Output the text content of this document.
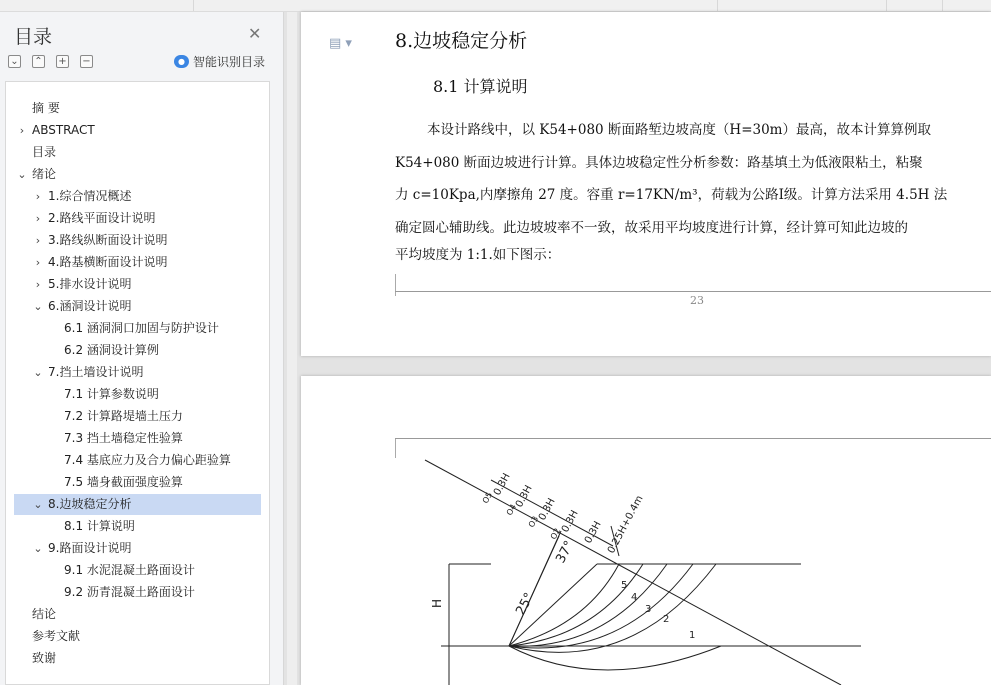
目录	✕
⌄ ⌃ + −	● 智能识别目录
摘 要
› ABSTRACT
目录
⌄ 绪论
› 1.综合情况概述
› 2.路线平面设计说明
› 3.路线纵断面设计说明
› 4.路基横断面设计说明
› 5.排水设计说明
⌄ 6.涵洞设计说明
6.1 涵洞洞口加固与防护设计
6.2 涵洞设计算例
⌄ 7.挡土墙设计说明
7.1 计算参数说明
7.2 计算路堤墙土压力
7.3 挡土墙稳定性验算
7.4 基底应力及合力偏心距验算
7.5 墙身截面强度验算
⌄ 8.边坡稳定分析
8.1 计算说明
⌄ 9.路面设计说明
9.1 水泥混凝土路面设计
9.2 沥青混凝土路面设计
结论
参考文献
致谢
▤ ▾ 8.边坡稳定分析
8.1 计算说明
本设计路线中，以 K54+080 断面路堑边坡高度（H=30m）最高，故本计算算例取
K54+080 断面边坡进行计算。具体边坡稳定性分析参数：路基填土为低液限粘土，粘聚
力 c=10Kpa,内摩擦角 27 度。容重 r=17KN/m³，荷载为公路Ⅰ级。计算方法采用 4.5H 法
确定圆心辅助线。此边坡坡率不一致，故采用平均坡度进行计算，经计算可知此边坡的
平均坡度为 1:1.如下图示：
23
0.3H 0.3H
0.3H 0.3H 0.3H 0.25H+0.4m
37°
25°
H
1
2
3
4
5
O5
O4
O3
O2
